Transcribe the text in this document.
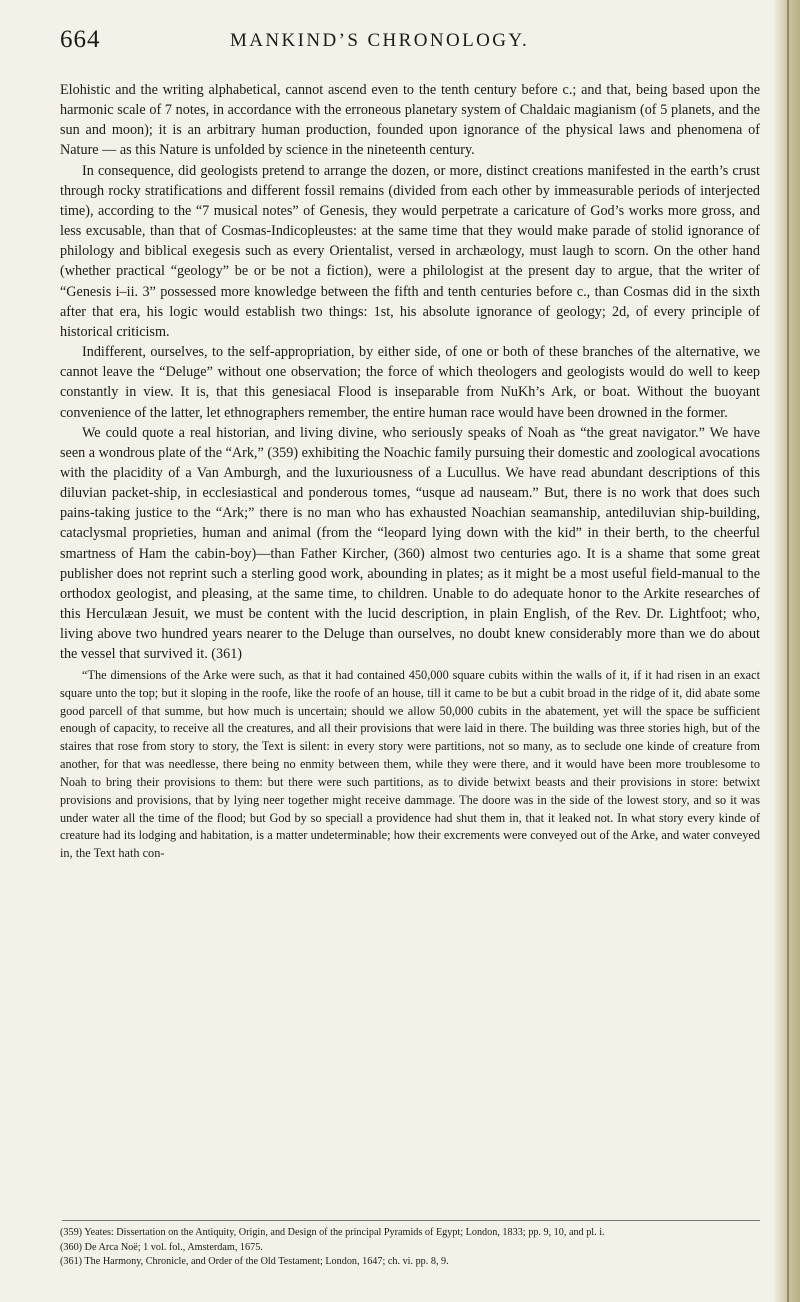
664	MANKIND’S CHRONOLOGY.

Elohistic and the writing alphabetical, cannot ascend even to the tenth century before c.; and that, being based upon the harmonic scale of 7 notes, in accordance with the erroneous planetary system of Chaldaic magianism (of 5 planets, and the sun and moon); it is an arbitrary human production, founded upon ignorance of the physical laws and phenomena of Nature — as this Nature is unfolded by science in the nineteenth century.

In consequence, did geologists pretend to arrange the dozen, or more, distinct creations manifested in the earth’s crust through rocky stratifications and different fossil remains (divided from each other by immeasurable periods of interjected time), according to the “7 musical notes” of Genesis, they would perpetrate a caricature of God’s works more gross, and less excusable, than that of Cosmas-Indicopleustes: at the same time that they would make parade of stolid ignorance of philology and biblical exegesis such as every Orientalist, versed in archæology, must laugh to scorn. On the other hand (whether practical “geology” be or be not a fiction), were a philologist at the present day to argue, that the writer of “Genesis i–ii. 3” possessed more knowledge between the fifth and tenth centuries before c., than Cosmas did in the sixth after that era, his logic would establish two things: 1st, his absolute ignorance of geology; 2d, of every principle of historical criticism.

Indifferent, ourselves, to the self-appropriation, by either side, of one or both of these branches of the alternative, we cannot leave the “Deluge” without one observation; the force of which theologers and geologists would do well to keep constantly in view. It is, that this genesiacal Flood is inseparable from NuKh’s Ark, or boat. Without the buoyant convenience of the latter, let ethnographers remember, the entire human race would have been drowned in the former.

We could quote a real historian, and living divine, who seriously speaks of Noah as “the great navigator.” We have seen a wondrous plate of the “Ark,” (359) exhibiting the Noachic family pursuing their domestic and zoological avocations with the placidity of a Van Amburgh, and the luxuriousness of a Lucullus. We have read abundant descriptions of this diluvian packet-ship, in ecclesiastical and ponderous tomes, “usque ad nauseam.” But, there is no work that does such pains-taking justice to the “Ark;” there is no man who has exhausted Noachian seamanship, antediluvian ship-building, cataclysmal proprieties, human and animal (from the “leopard lying down with the kid” in their berth, to the cheerful smartness of Ham the cabin-boy)—than Father Kircher, (360) almost two centuries ago. It is a shame that some great publisher does not reprint such a sterling good work, abounding in plates; as it might be a most useful field-manual to the orthodox geologist, and pleasing, at the same time, to children. Unable to do adequate honor to the Arkite researches of this Herculæan Jesuit, we must be content with the lucid description, in plain English, of the Rev. Dr. Lightfoot; who, living above two hundred years nearer to the Deluge than ourselves, no doubt knew considerably more than we do about the vessel that survived it. (361)

“The dimensions of the Arke were such, as that it had contained 450,000 square cubits within the walls of it, if it had risen in an exact square unto the top; but it sloping in the roofe, like the roofe of an house, till it came to be but a cubit broad in the ridge of it, did abate some good parcell of that summe, but how much is uncertain; should we allow 50,000 cubits in the abatement, yet will the space be sufficient enough of capacity, to receive all the creatures, and all their provisions that were laid in there. The building was three stories high, but of the staires that rose from story to story, the Text is silent: in every story were partitions, not so many, as to seclude one kinde of creature from another, for that was needlesse, there being no enmity between them, while they were there, and it would have been more troublesome to Noah to bring their provisions to them: but there were such partitions, as to divide betwixt beasts and their provisions in store: betwixt provisions and provisions, that by lying neer together might receive dammage. The doore was in the side of the lowest story, and so it was under water all the time of the flood; but God by so speciall a providence had shut them in, that it leaked not. In what story every kinde of creature had its lodging and habitation, is a matter undeterminable; how their excrements were conveyed out of the Arke, and water conveyed in, the Text hath con-

(359) Yeates: Dissertation on the Antiquity, Origin, and Design of the principal Pyramids of Egypt; London, 1833; pp. 9, 10, and pl. i.

(360) De Arca Noë; 1 vol. fol., Amsterdam, 1675.

(361) The Harmony, Chronicle, and Order of the Old Testament; London, 1647; ch. vi. pp. 8, 9.
